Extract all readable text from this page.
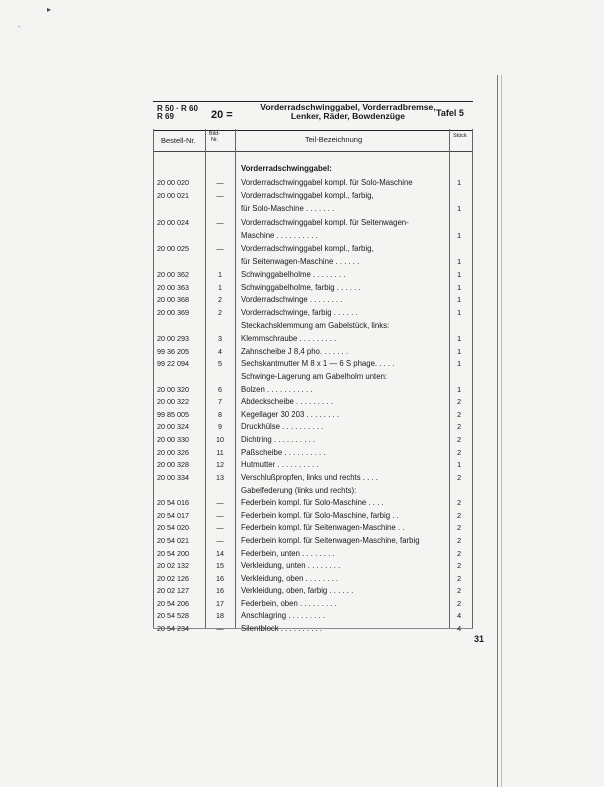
▸
-
R 50 · R 60
R 69	20 =
Vorderradschwinggabel, Vorderradbremse,
Lenker, Räder, Bowdenzüge	Tafel 5
Bestell-Nr.
Bild-
Nr.	Teil-Bezeichnung	Stück
Vorderradschwinggabel:
20 00 020	—	Vorderradschwinggabel kompl. für Solo-Maschine	1
20 00 021	—	Vorderradschwinggabel kompl., farbig,
für Solo-Maschine . . . . . . .	1
20 00 024	—	Vorderradschwinggabel kompl. für Seitenwagen-
Maschine . . . . . . . . . .	1
20 00 025	—	Vorderradschwinggabel kompl., farbig,
für Seitenwagen-Maschine . . . . . .	1
20 00 362	1	Schwinggabelholme . . . . . . . .	1
20 00 363	1	Schwinggabelholme, farbig . . . . . .	1
20 00 368	2	Vorderradschwinge . . . . . . . .	1
20 00 369	2	Vorderradschwinge, farbig . . . . . .	1
Steckachsklemmung am Gabelstück, links:
20 00 293	3	Klemmschraube . . . . . . . . .	1
99 36 205	4	Zahnscheibe J 8,4 pho. . . . . . .	1
99 22 094	5	Sechskantmutter M 8 x 1 — 6 S phage. . . . .	1
Schwinge-Lagerung am Gabelholm unten:
20 00 320	6	Bolzen . . . . . . . . . . .	1
20 00 322	7	Abdeckscheibe . . . . . . . . .	2
99 85 005	8	Kegellager 30 203 . . . . . . . .	2
20 00 324	9	Druckhülse . . . . . . . . . .	2
20 00 330	10	Dichtring . . . . . . . . . .	2
20 00 326	11	Paßscheibe . . . . . . . . . .	2
20 00 328	12	Hutmutter . . . . . . . . . .	1
20 00 334	13	Verschlußpropfen, links und rechts . . . .	2
Gabelfederung (links und rechts):
20 54 016	—	Federbein kompl. für Solo-Maschine . . . .	2
20 54 017	—	Federbein kompl. für Solo-Maschine, farbig . .	2
20 54 020	—	Federbein kompl. für Seitenwagen-Maschine . .	2
20 54 021	—	Federbein kompl. für Seitenwagen-Maschine, farbig	2
20 54 200	14	Federbein, unten . . . . . . . .	2
20 02 132	15	Verkleidung, unten . . . . . . . .	2
20 02 126	16	Verkleidung, oben . . . . . . . .	2
20 02 127	16	Verkleidung, oben, farbig . . . . . .	2
20 54 206	17	Federbein, oben . . . . . . . . .	2
20 54 528	18	Anschlagring . . . . . . . . .	4
20 54 234	—	Silentblock . . . . . . . . . .	4
31
